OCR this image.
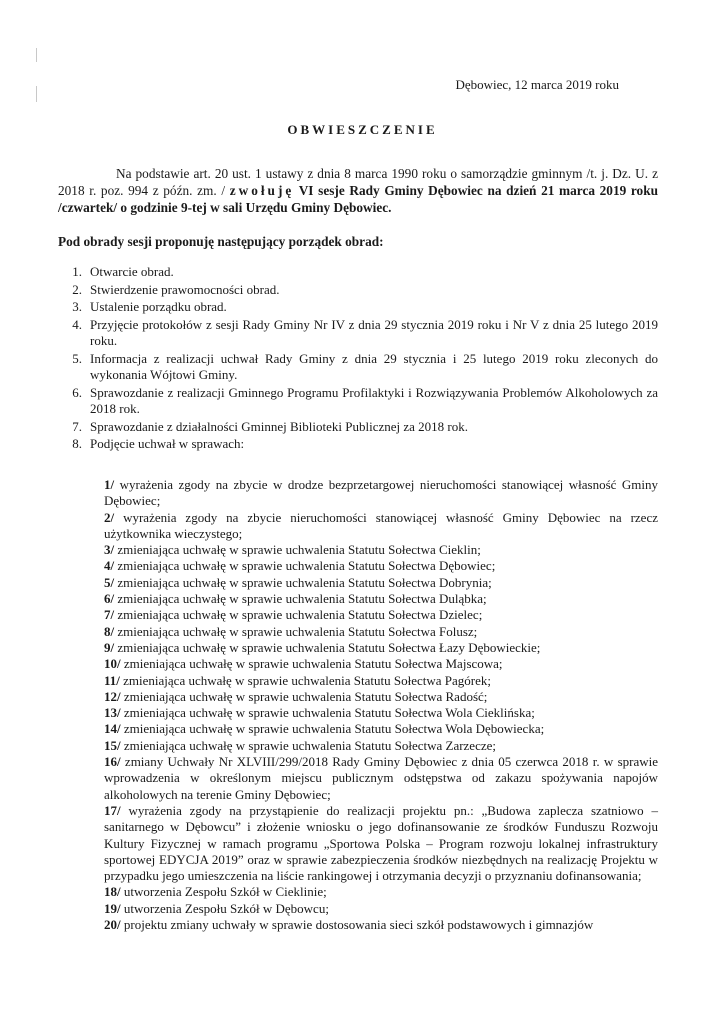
Dębowiec, 12 marca 2019 roku
OBWIESZCZENIE
Na podstawie art. 20 ust. 1 ustawy z dnia 8 marca 1990 roku o samorządzie gminnym /t. j. Dz. U. z 2018 r. poz. 994 z późn. zm. / zwołuję VI sesje Rady Gminy Dębowiec na dzień 21 marca 2019 roku /czwartek/ o godzinie 9-tej w sali Urzędu Gminy Dębowiec.
Pod obrady sesji proponuję następujący porządek obrad:
1. Otwarcie obrad.
2. Stwierdzenie prawomocności obrad.
3. Ustalenie porządku obrad.
4. Przyjęcie protokołów z sesji Rady Gminy Nr IV z dnia 29 stycznia 2019 roku i Nr V z dnia 25 lutego 2019 roku.
5. Informacja z realizacji uchwał Rady Gminy z dnia 29 stycznia i 25 lutego 2019 roku zleconych do wykonania Wójtowi Gminy.
6. Sprawozdanie z realizacji Gminnego Programu Profilaktyki i Rozwiązywania Problemów Alkoholowych za 2018 rok.
7. Sprawozdanie z działalności Gminnej Biblioteki Publicznej za 2018 rok.
8. Podjęcie uchwał w sprawach:
1/ wyrażenia zgody na zbycie w drodze bezprzetargowej nieruchomości stanowiącej własność Gminy Dębowiec;
2/ wyrażenia zgody na zbycie nieruchomości stanowiącej własność Gminy Dębowiec na rzecz użytkownika wieczystego;
3/ zmieniająca uchwałę w sprawie uchwalenia Statutu Sołectwa Cieklin;
4/ zmieniająca uchwałę w sprawie uchwalenia Statutu Sołectwa Dębowiec;
5/ zmieniająca uchwałę w sprawie uchwalenia Statutu Sołectwa Dobrynia;
6/ zmieniająca uchwałę w sprawie uchwalenia Statutu Sołectwa Duląbka;
7/ zmieniająca uchwałę w sprawie uchwalenia Statutu Sołectwa Dzielec;
8/ zmieniająca uchwałę w sprawie uchwalenia Statutu Sołectwa Folusz;
9/ zmieniająca uchwałę w sprawie uchwalenia Statutu Sołectwa Łazy Dębowieckie;
10/ zmieniająca uchwałę w sprawie uchwalenia Statutu Sołectwa Majscowa;
11/ zmieniająca uchwałę w sprawie uchwalenia Statutu Sołectwa Pagórek;
12/ zmieniająca uchwałę w sprawie uchwalenia Statutu Sołectwa Radość;
13/ zmieniająca uchwałę w sprawie uchwalenia Statutu Sołectwa Wola Cieklińska;
14/ zmieniająca uchwałę w sprawie uchwalenia Statutu Sołectwa Wola Dębowiecka;
15/ zmieniająca uchwałę w sprawie uchwalenia Statutu Sołectwa Zarzecze;
16/ zmiany Uchwały Nr XLVIII/299/2018 Rady Gminy Dębowiec z dnia 05 czerwca 2018 r. w sprawie wprowadzenia w określonym miejscu publicznym odstępstwa od zakazu spożywania napojów alkoholowych na terenie Gminy Dębowiec;
17/ wyrażenia zgody na przystąpienie do realizacji projektu pn.: „Budowa zaplecza szatniowo – sanitarnego w Dębowcu” i złożenie wniosku o jego dofinansowanie ze środków Funduszu Rozwoju Kultury Fizycznej w ramach programu „Sportowa Polska – Program rozwoju lokalnej infrastruktury sportowej EDYCJA 2019” oraz w sprawie zabezpieczenia środków niezbędnych na realizację Projektu w przypadku jego umieszczenia na liście rankingowej i otrzymania decyzji o przyznaniu dofinansowania;
18/ utworzenia Zespołu Szkół w Cieklinie;
19/ utworzenia Zespołu Szkół w Dębowcu;
20/ projektu zmiany uchwały w sprawie dostosowania sieci szkół podstawowych i gimnazjów
